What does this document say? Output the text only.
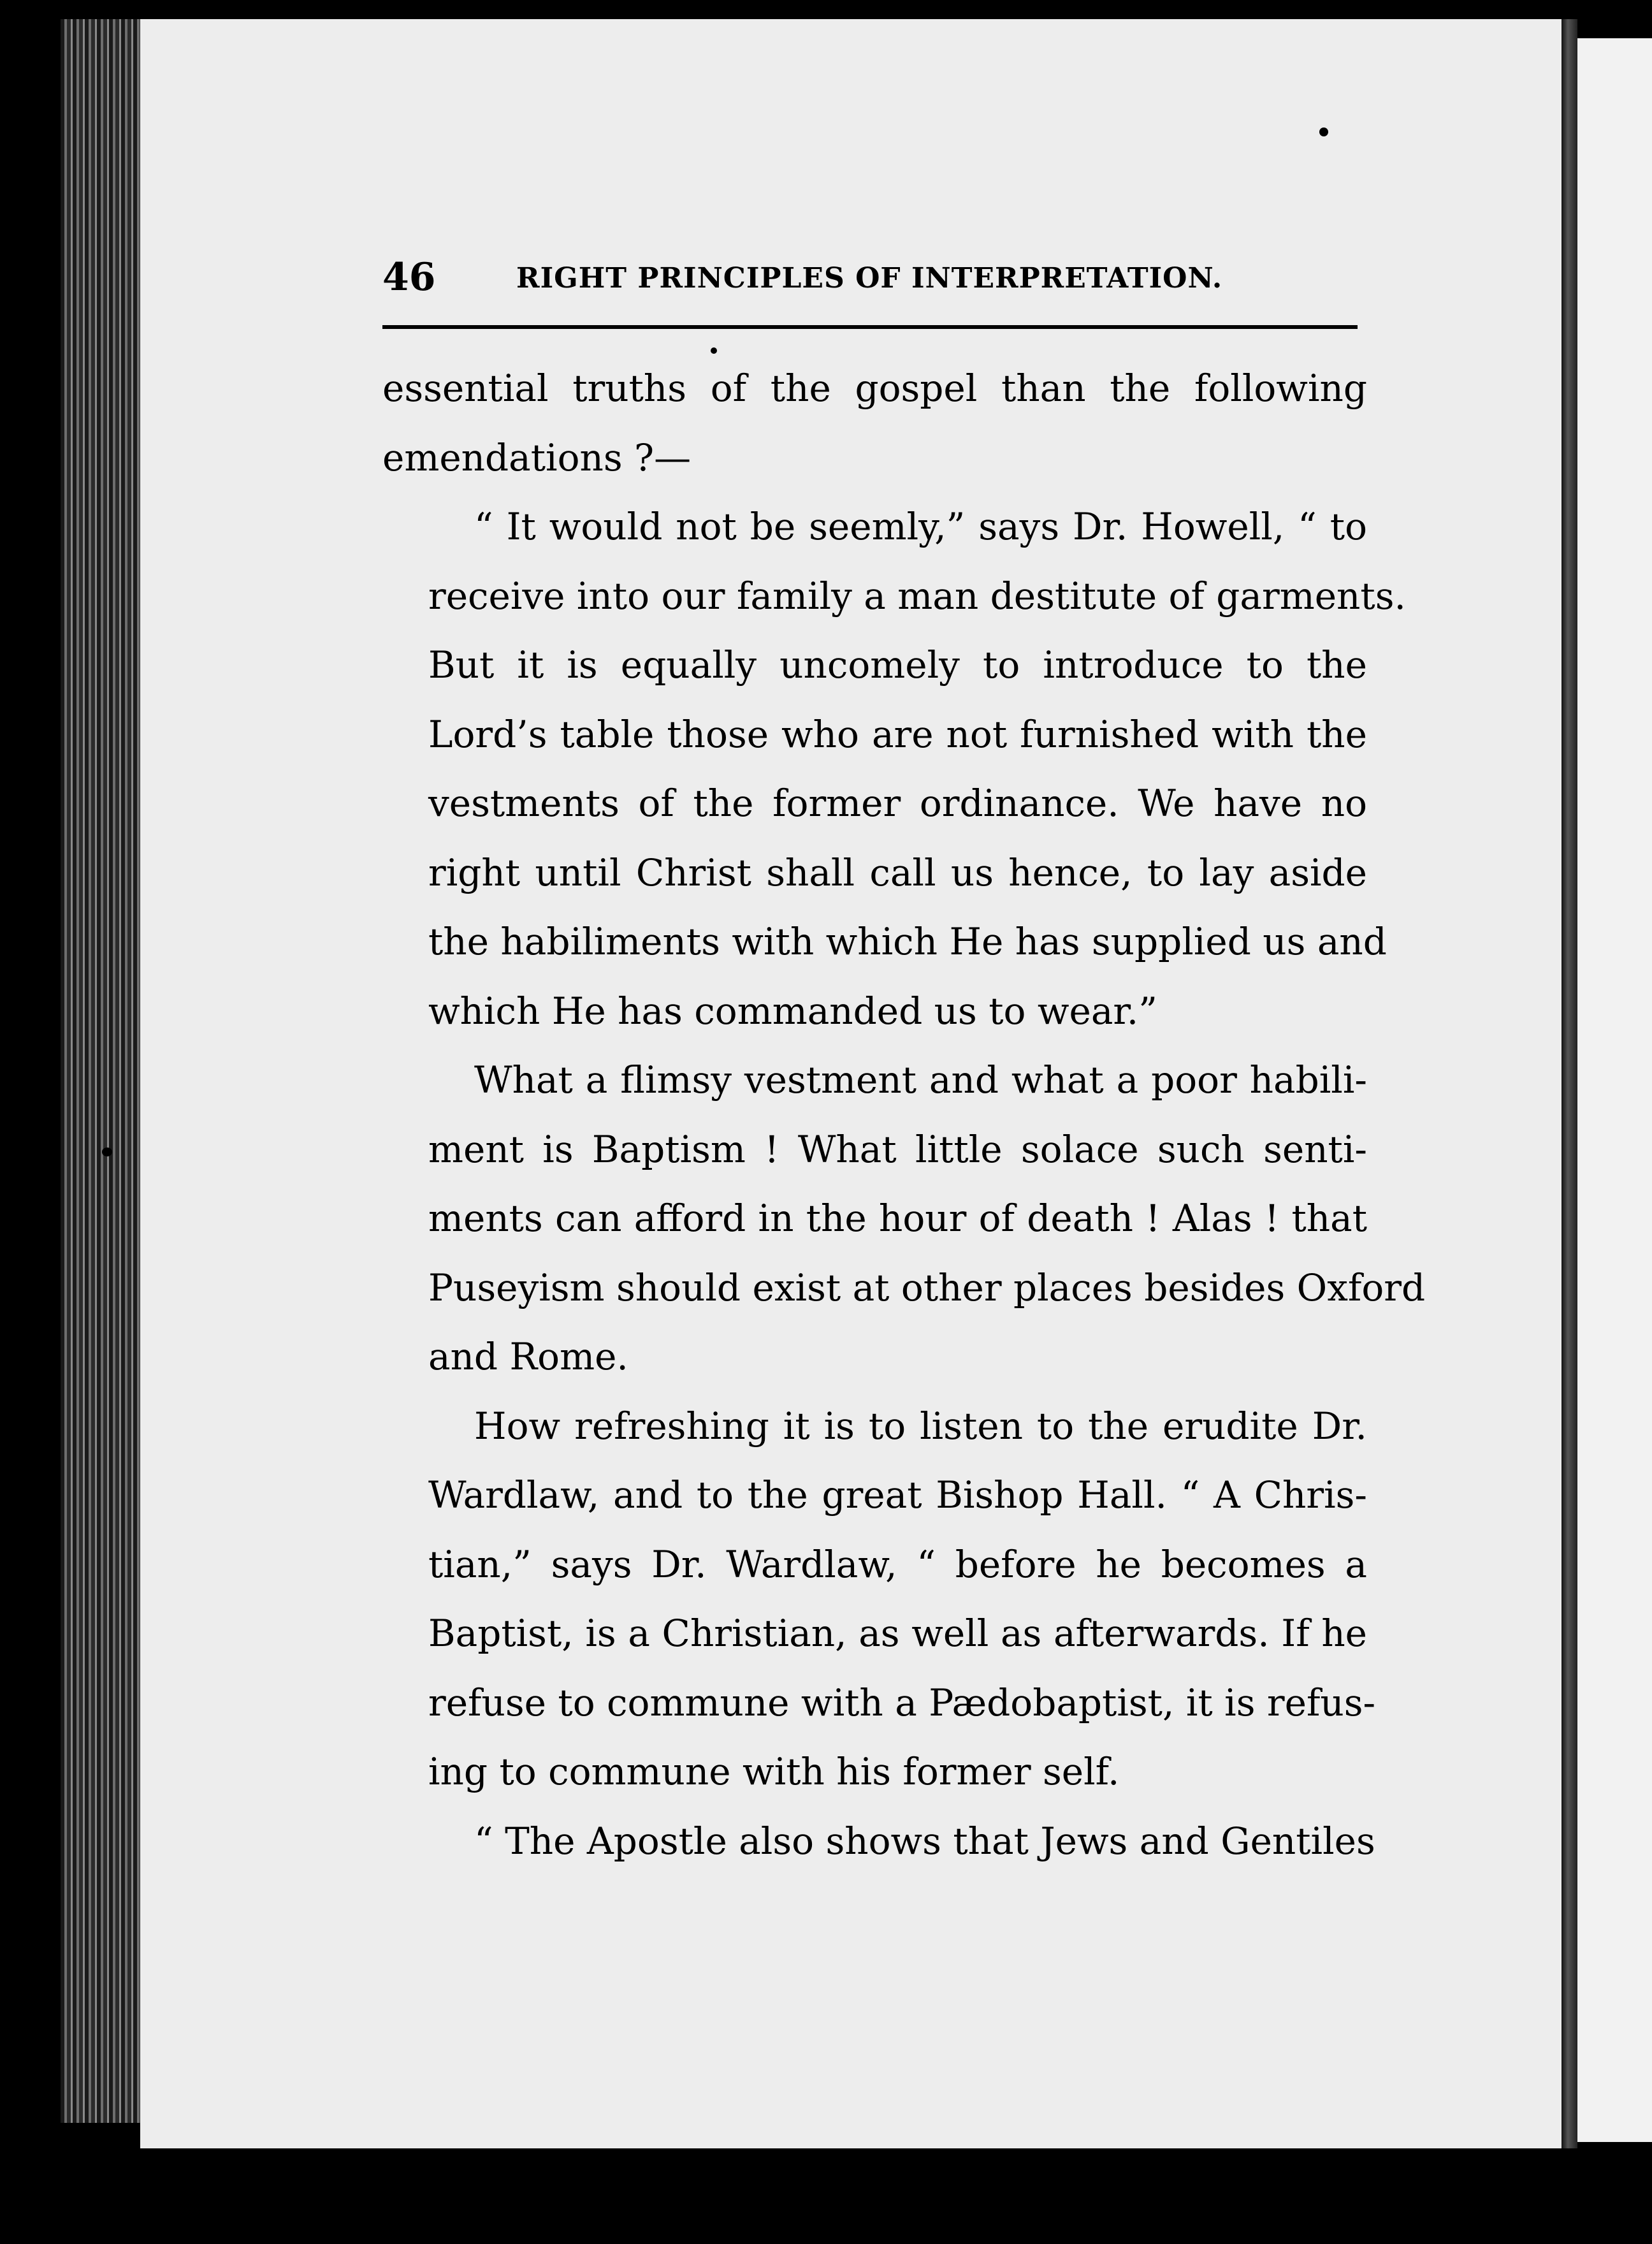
46	RIGHT PRINCIPLES OF INTERPRETATION.

essential truths of the gospel than the following
emendations ?—

“ It would not be seemly,” says Dr. Howell, “ to
receive into our family a man destitute of garments.
But it is equally uncomely to introduce to the
Lord’s table those who are not furnished with the
vestments of the former ordinance. We have no
right until Christ shall call us hence, to lay aside
the habiliments with which He has supplied us and
which He has commanded us to wear.”

What a flimsy vestment and what a poor habili-
ment is Baptism ! What little solace such senti-
ments can afford in the hour of death ! Alas ! that
Puseyism should exist at other places besides Oxford
and Rome.

How refreshing it is to listen to the erudite Dr.
Wardlaw, and to the great Bishop Hall. “ A Chris-
tian,” says Dr. Wardlaw, “ before he becomes a
Baptist, is a Christian, as well as afterwards. If he
refuse to commune with a Pædobaptist, it is refus-
ing to commune with his former self.

“ The Apostle also shows that Jews and Gentiles
